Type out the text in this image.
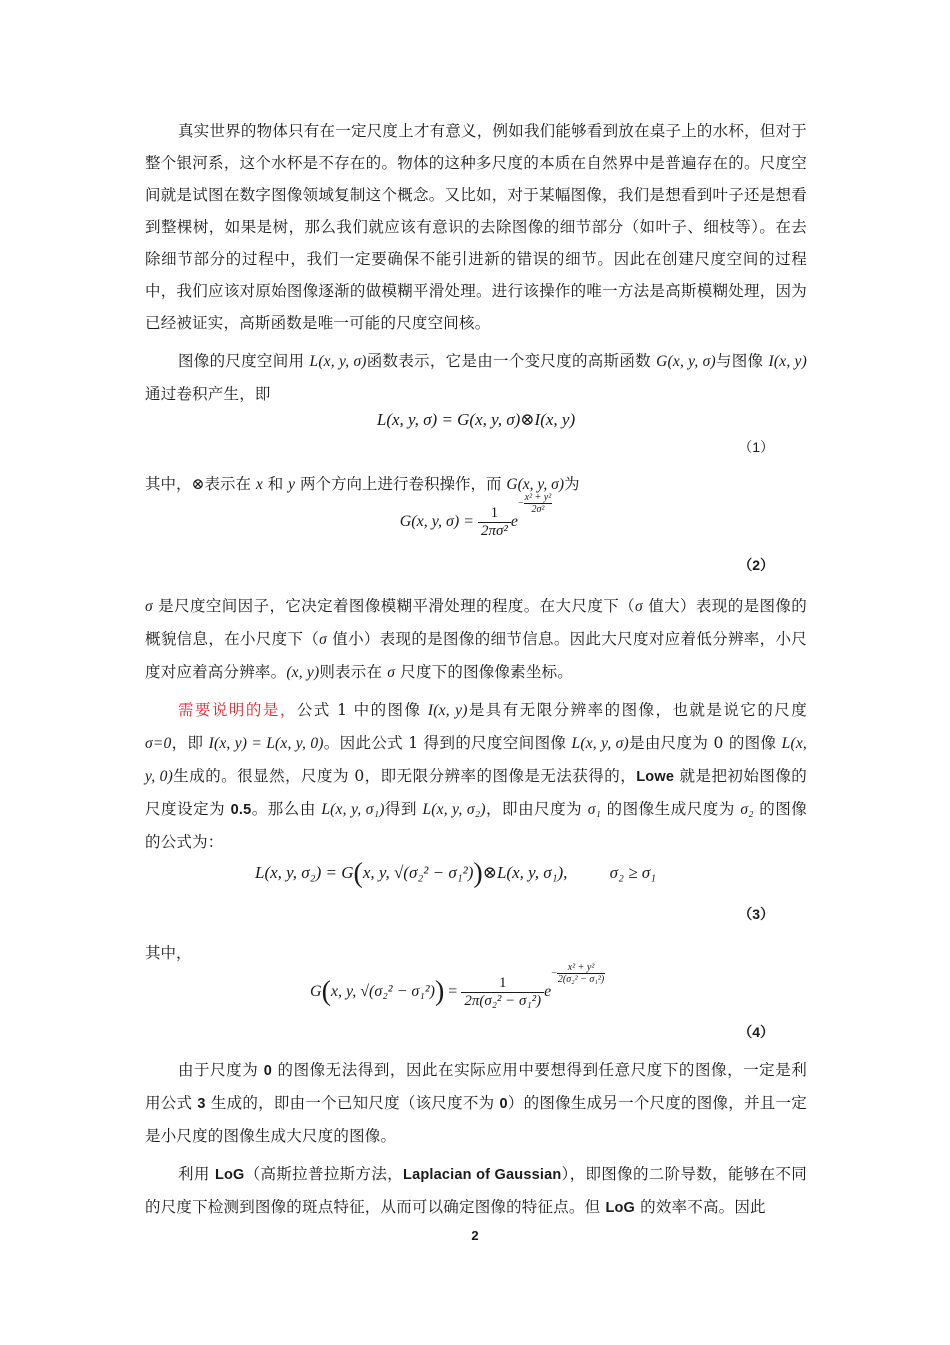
真实世界的物体只有在一定尺度上才有意义，例如我们能够看到放在桌子上的水杯，但对于整个银河系，这个水杯是不存在的。物体的这种多尺度的本质在自然界中是普遍存在的。尺度空间就是试图在数字图像领域复制这个概念。又比如，对于某幅图像，我们是想看到叶子还是想看到整棵树，如果是树，那么我们就应该有意识的去除图像的细节部分（如叶子、细枝等）。在去除细节部分的过程中，我们一定要确保不能引进新的错误的细节。因此在创建尺度空间的过程中，我们应该对原始图像逐渐的做模糊平滑处理。进行该操作的唯一方法是高斯模糊处理，因为已经被证实，高斯函数是唯一可能的尺度空间核。
图像的尺度空间用 L(x, y, σ)函数表示，它是由一个变尺度的高斯函数 G(x, y, σ)与图像 I(x, y)通过卷积产生，即
L(x, y, σ) = G(x, y, σ)⊗I(x, y)
（1）
其中，⊗表示在 x 和 y 两个方向上进行卷积操作，而 G(x, y, σ)为
G(x, y, $\sigma) = \frac{1}{\text{2πσ²}} e^{- \frac{\text{x² + y²}}{\text{2σ²}}}$
（2）
σ 是尺度空间因子，它决定着图像模糊平滑处理的程度。在大尺度下（σ 值大）表现的是图像的概貌信息，在小尺度下（σ 值小）表现的是图像的细节信息。因此大尺度对应着低分辨率，小尺度对应着高分辨率。(x, y)则表示在 σ 尺度下的图像像素坐标。
需要说明的是，公式 1 中的图像 I(x, y)是具有无限分辨率的图像，也就是说它的尺度 σ=0，即 I(x, y) = L(x, y, 0)。因此公式 1 得到的尺度空间图像 L(x, y, σ)是由尺度为 0 的图像 L(x, y, 0)生成的。很显然，尺度为 0，即无限分辨率的图像是无法获得的，Lowe 就是把初始图像的尺度设定为 0.5。那么由 L(x, y, σ₁)得到 L(x, y, σ₂)，即由尺度为 σ₁ 的图像生成尺度为 σ₂ 的图像的公式为：
L(x, y, σ₂) = G(x, y, √(σ₂² − σ₁²))⊗L(x, y, σ₁), σ₂ ≥ σ₁
（3）
其中，
G(x, y, $√(\sigma_2^2 - \sigma_1^2)) = \frac{1}{\text{2π(σ₂² − σ₁²)}} e^{- \frac{\text{x² + y²}}{\text{2(σ₂² − σ₁²)}}}$
（4）
由于尺度为 0 的图像无法得到，因此在实际应用中要想得到任意尺度下的图像，一定是利用公式 3 生成的，即由一个已知尺度（该尺度不为 0）的图像生成另一个尺度的图像，并且一定是小尺度的图像生成大尺度的图像。
利用 LoG（高斯拉普拉斯方法，Laplacian of Gaussian），即图像的二阶导数，能够在不同的尺度下检测到图像的斑点特征，从而可以确定图像的特征点。但 LoG 的效率不高。因此
2
